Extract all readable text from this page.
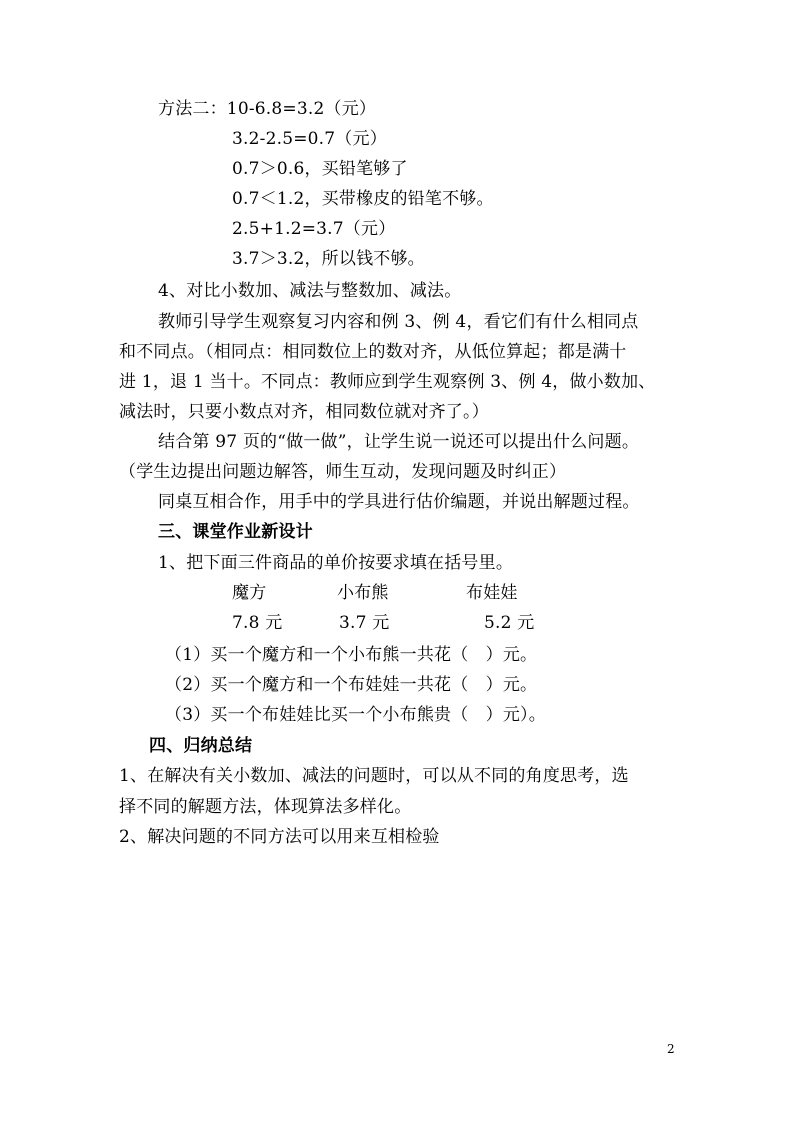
方法二：10-6.8=3.2（元）
3.2-2.5=0.7（元）
0.7＞0.6，买铅笔够了
0.7＜1.2，买带橡皮的铅笔不够。
2.5+1.2=3.7（元）
3.7＞3.2，所以钱不够。
4、对比小数加、减法与整数加、减法。
教师引导学生观察复习内容和例 3、例 4，看它们有什么相同点
和不同点。（相同点：相同数位上的数对齐，从低位算起；都是满十
进 1，退 1 当十。不同点：教师应到学生观察例 3、例 4，做小数加、
减法时，只要小数点对齐，相同数位就对齐了。）
结合第 97 页的“做一做”，让学生说一说还可以提出什么问题。
（学生边提出问题边解答，师生互动，发现问题及时纠正）
同桌互相合作，用手中的学具进行估价编题，并说出解题过程。
三、课堂作业新设计
1、把下面三件商品的单价按要求填在括号里。
魔方	小布熊	布娃娃
7.8 元	3.7 元	5.2 元
（1）买一个魔方和一个小布熊一共花（　）元。
（2）买一个魔方和一个布娃娃一共花（　）元。
（3）买一个布娃娃比买一个小布熊贵（　）元）。
四、归纳总结
1、在解决有关小数加、减法的问题时，可以从不同的角度思考，选
择不同的解题方法，体现算法多样化。
2、解决问题的不同方法可以用来互相检验
2
